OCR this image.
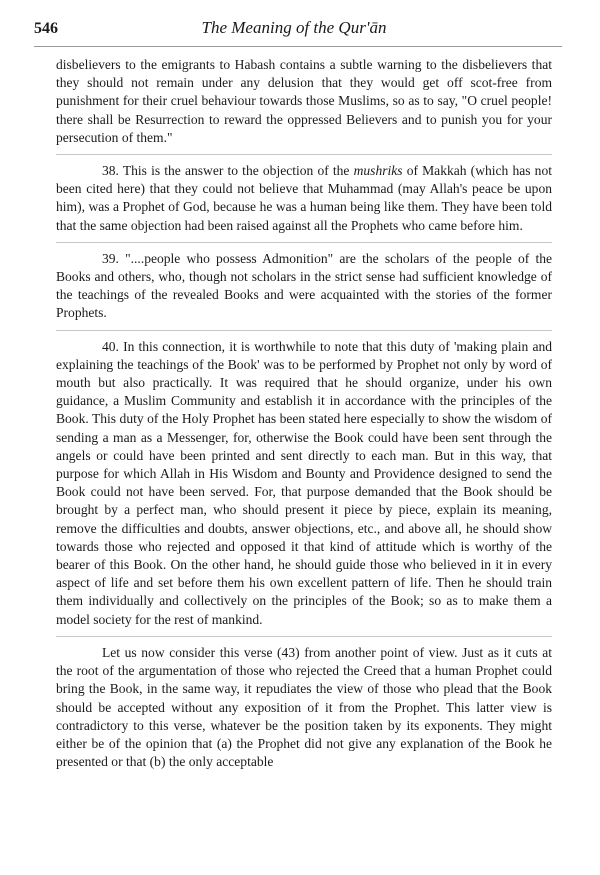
546	The Meaning of the Qur'ān

disbelievers to the emigrants to Habash contains a subtle warning to the disbelievers that they should not remain under any delusion that they would get off scot-free from punishment for their cruel behaviour towards those Muslims, so as to say, "O cruel people! there shall be Resurrection to reward the oppressed Believers and to punish you for your persecution of them."

38. This is the answer to the objection of the mushriks of Makkah (which has not been cited here) that they could not believe that Muhammad (may Allah's peace be upon him), was a Prophet of God, because he was a human being like them. They have been told that the same objection had been raised against all the Prophets who came before him.

39. "....people who possess Admonition" are the scholars of the people of the Books and others, who, though not scholars in the strict sense had sufficient knowledge of the teachings of the revealed Books and were acquainted with the stories of the former Prophets.

40. In this connection, it is worthwhile to note that this duty of 'making plain and explaining the teachings of the Book' was to be performed by Prophet not only by word of mouth but also practically. It was required that he should organize, under his own guidance, a Muslim Community and establish it in accordance with the principles of the Book. This duty of the Holy Prophet has been stated here especially to show the wisdom of sending a man as a Messenger, for, otherwise the Book could have been sent through the angels or could have been printed and sent directly to each man. But in this way, that purpose for which Allah in His Wisdom and Bounty and Providence designed to send the Book could not have been served. For, that purpose demanded that the Book should be brought by a perfect man, who should present it piece by piece, explain its meaning, remove the difficulties and doubts, answer objections, etc., and above all, he should show towards those who rejected and opposed it that kind of attitude which is worthy of the bearer of this Book. On the other hand, he should guide those who believed in it in every aspect of life and set before them his own excellent pattern of life. Then he should train them individually and collectively on the principles of the Book; so as to make them a model society for the rest of mankind.

Let us now consider this verse (43) from another point of view. Just as it cuts at the root of the argumentation of those who rejected the Creed that a human Prophet could bring the Book, in the same way, it repudiates the view of those who plead that the Book should be accepted without any exposition of it from the Prophet. This latter view is contradictory to this verse, whatever be the position taken by its exponents. They might either be of the opinion that (a) the Prophet did not give any explanation of the Book he presented or that (b) the only acceptable
